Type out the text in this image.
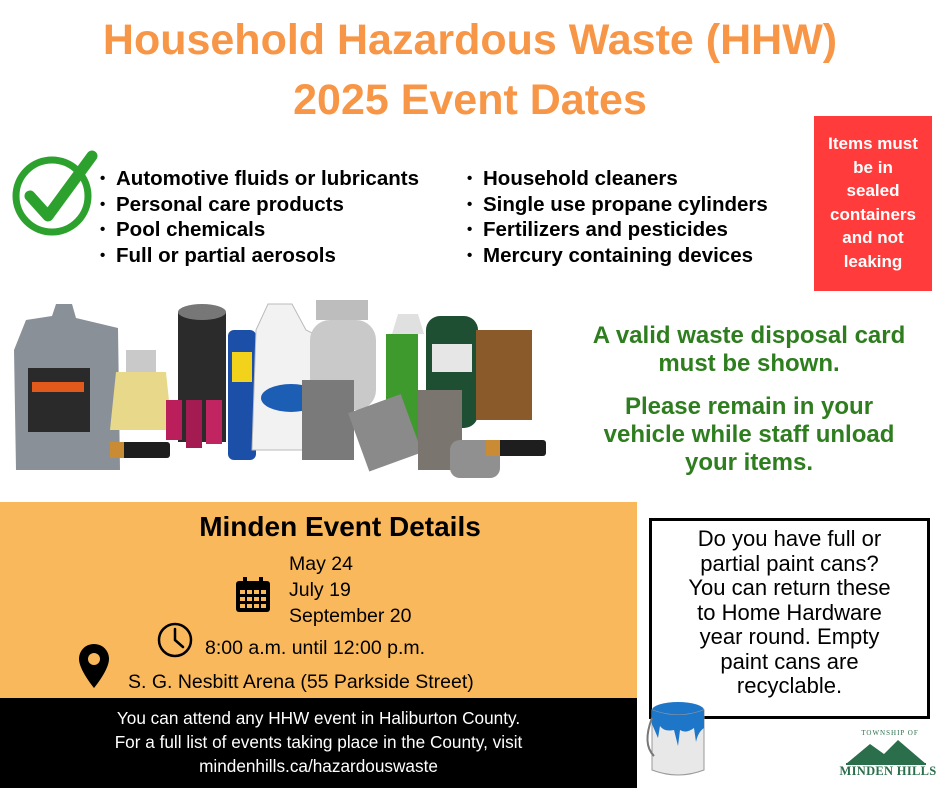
Household Hazardous Waste (HHW)
2025 Event Dates
• Automotive fluids or lubricants
• Personal care products
• Pool chemicals
• Full or partial aerosols
• Household cleaners
• Single use propane cylinders
• Fertilizers and pesticides
• Mercury containing devices
Items must
be in
sealed
containers
and not
leaking
A valid waste disposal card
must be shown.
Please remain in your
vehicle while staff unload
your items.
Minden Event Details
May 24
July 19
September 20
8:00 a.m. until 12:00 p.m.
S. G. Nesbitt Arena (55 Parkside Street)
You can attend any HHW event in Haliburton County.
For a full list of events taking place in the County, visit
mindenhills.ca/hazardouswaste
Do you have full or
partial paint cans?
You can return these
to Home Hardware
year round. Empty
paint cans are
recyclable.
TOWNSHIP OF
MINDEN HILLS
